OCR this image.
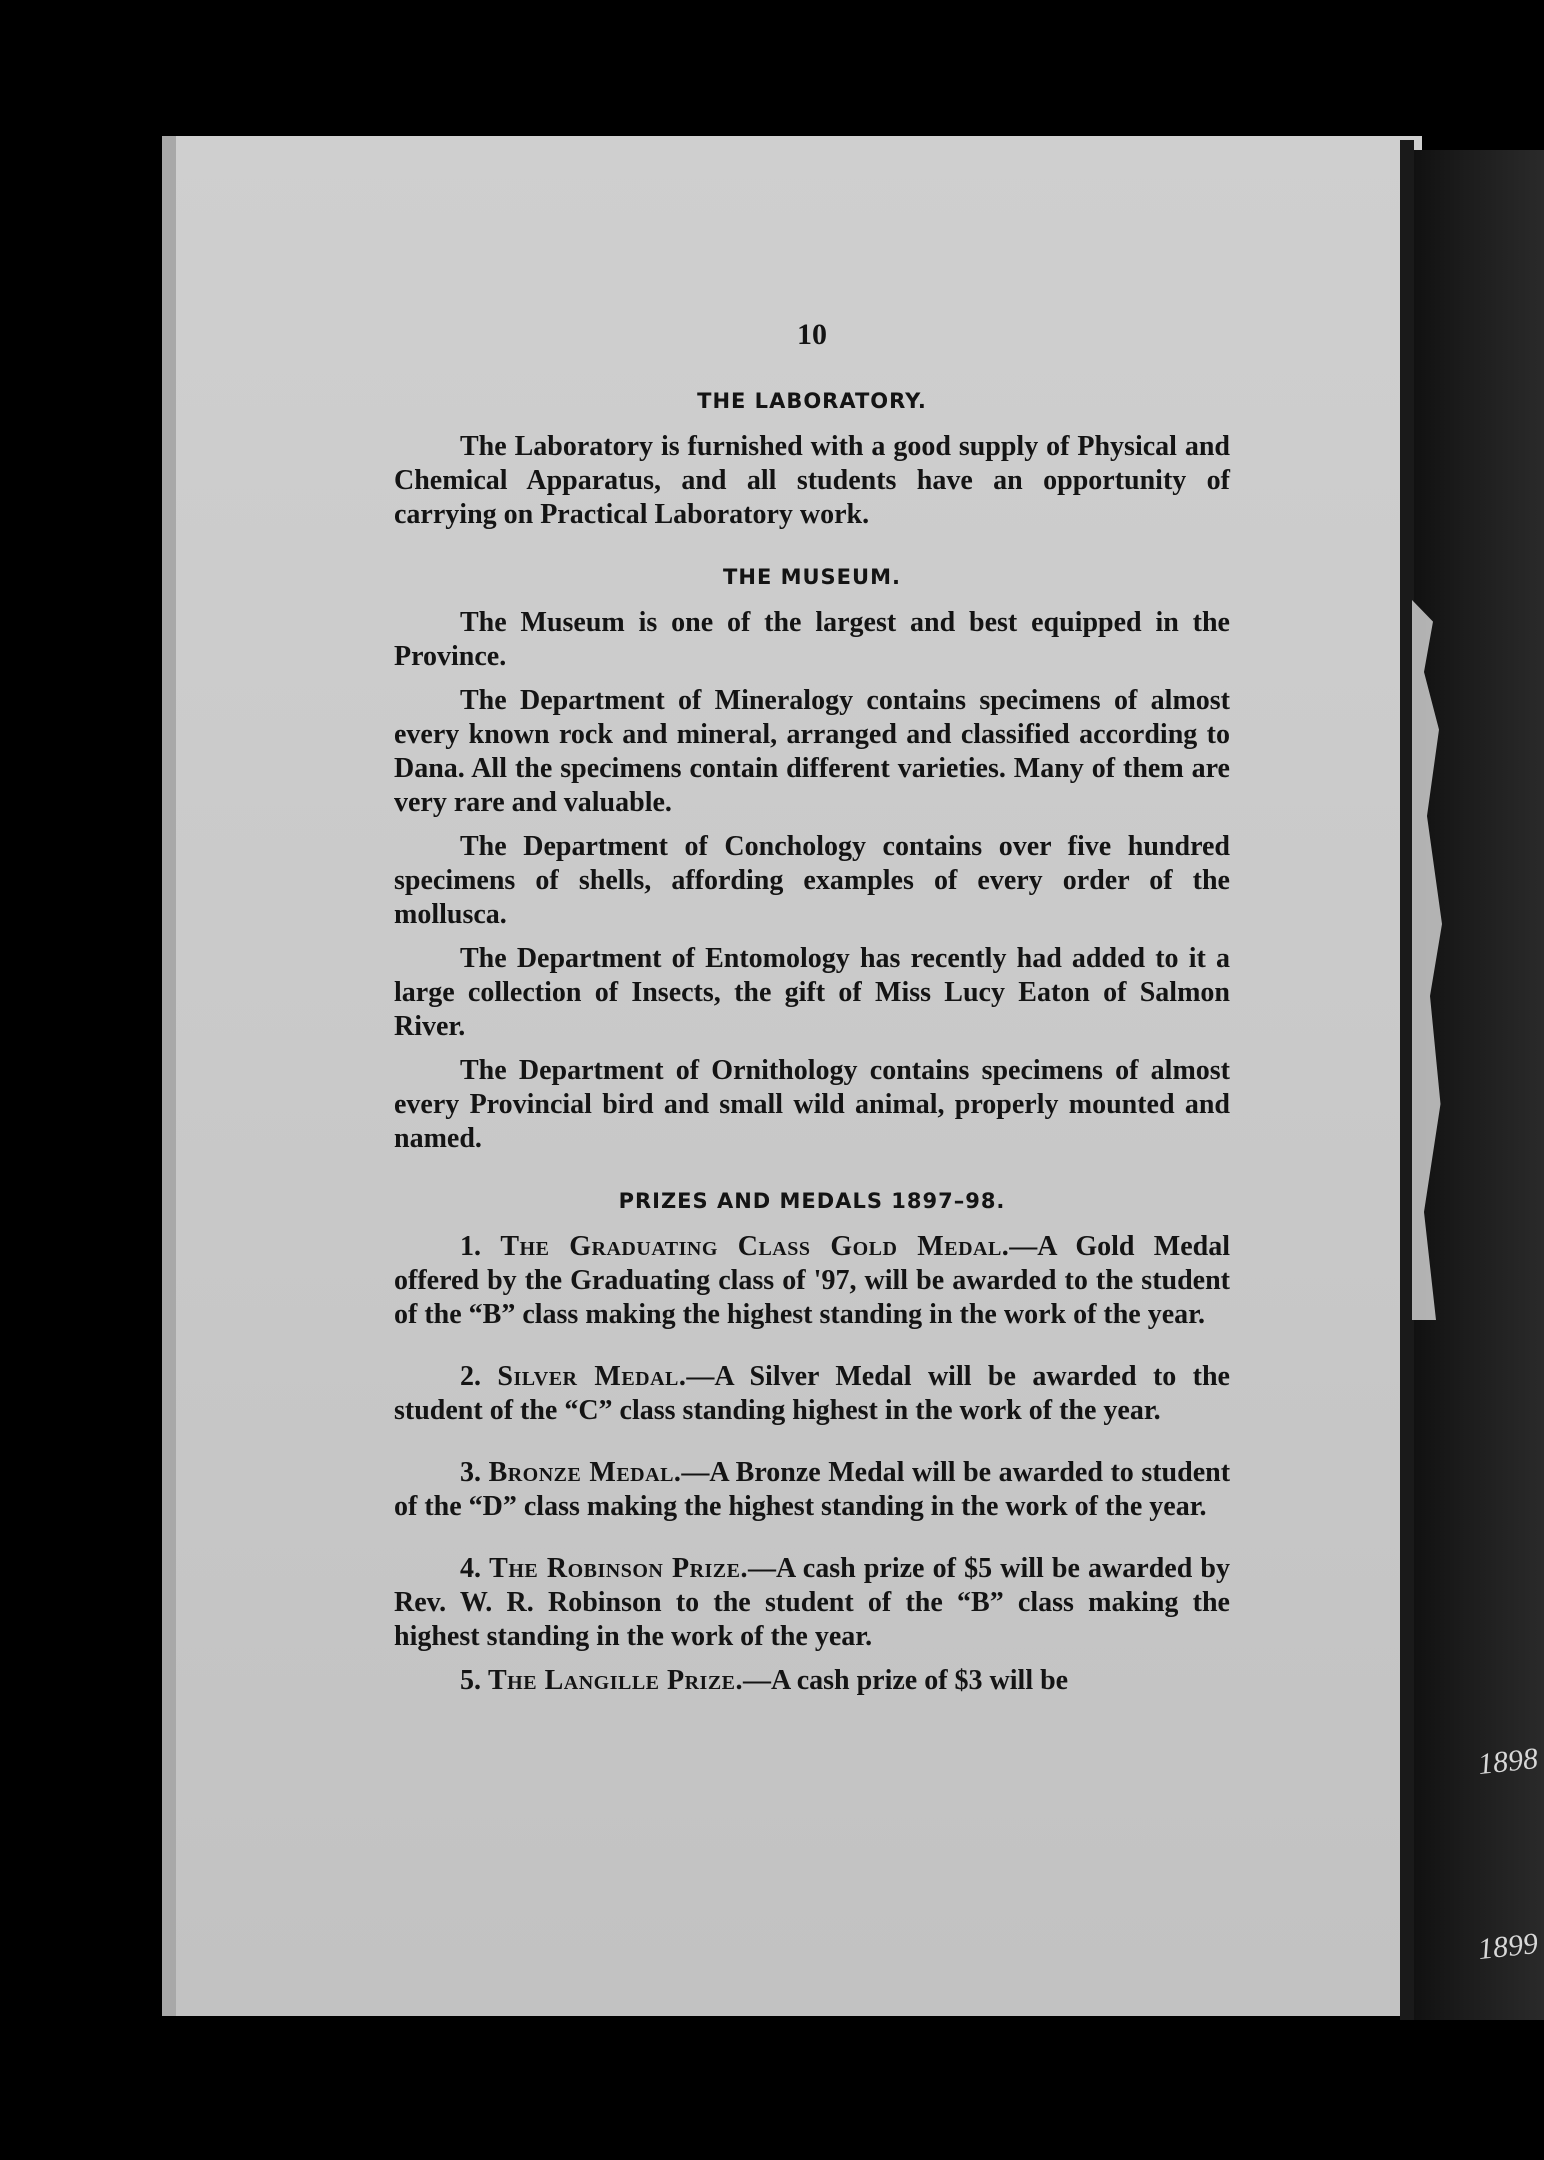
10
THE LABORATORY.

The Laboratory is furnished with a good supply of Physical and Chemical Apparatus, and all students have an opportunity of carrying on Practical Laboratory work.

THE MUSEUM.

The Museum is one of the largest and best equipped in the Province.

The Department of Mineralogy contains specimens of almost every known rock and mineral, arranged and classified according to Dana. All the specimens contain different varieties. Many of them are very rare and valuable.

The Department of Conchology contains over five hundred specimens of shells, affording examples of every order of the mollusca.

The Department of Entomology has recently had added to it a large collection of Insects, the gift of Miss Lucy Eaton of Salmon River.

The Department of Ornithology contains specimens of almost every Provincial bird and small wild animal, properly mounted and named.

PRIZES AND MEDALS 1897–98.

1. The Graduating Class Gold Medal.—A Gold Medal offered by the Graduating class of '97, will be awarded to the student of the “B” class making the highest standing in the work of the year.

2. Silver Medal.—A Silver Medal will be awarded to the student of the “C” class standing highest in the work of the year.

3. Bronze Medal.—A Bronze Medal will be awarded to student of the “D” class making the highest standing in the work of the year.

4. The Robinson Prize.—A cash prize of $5 will be awarded by Rev. W. R. Robinson to the student of the “B” class making the highest standing in the work of the year.

5. The Langille Prize.—A cash prize of $3 will be

1898
1899
